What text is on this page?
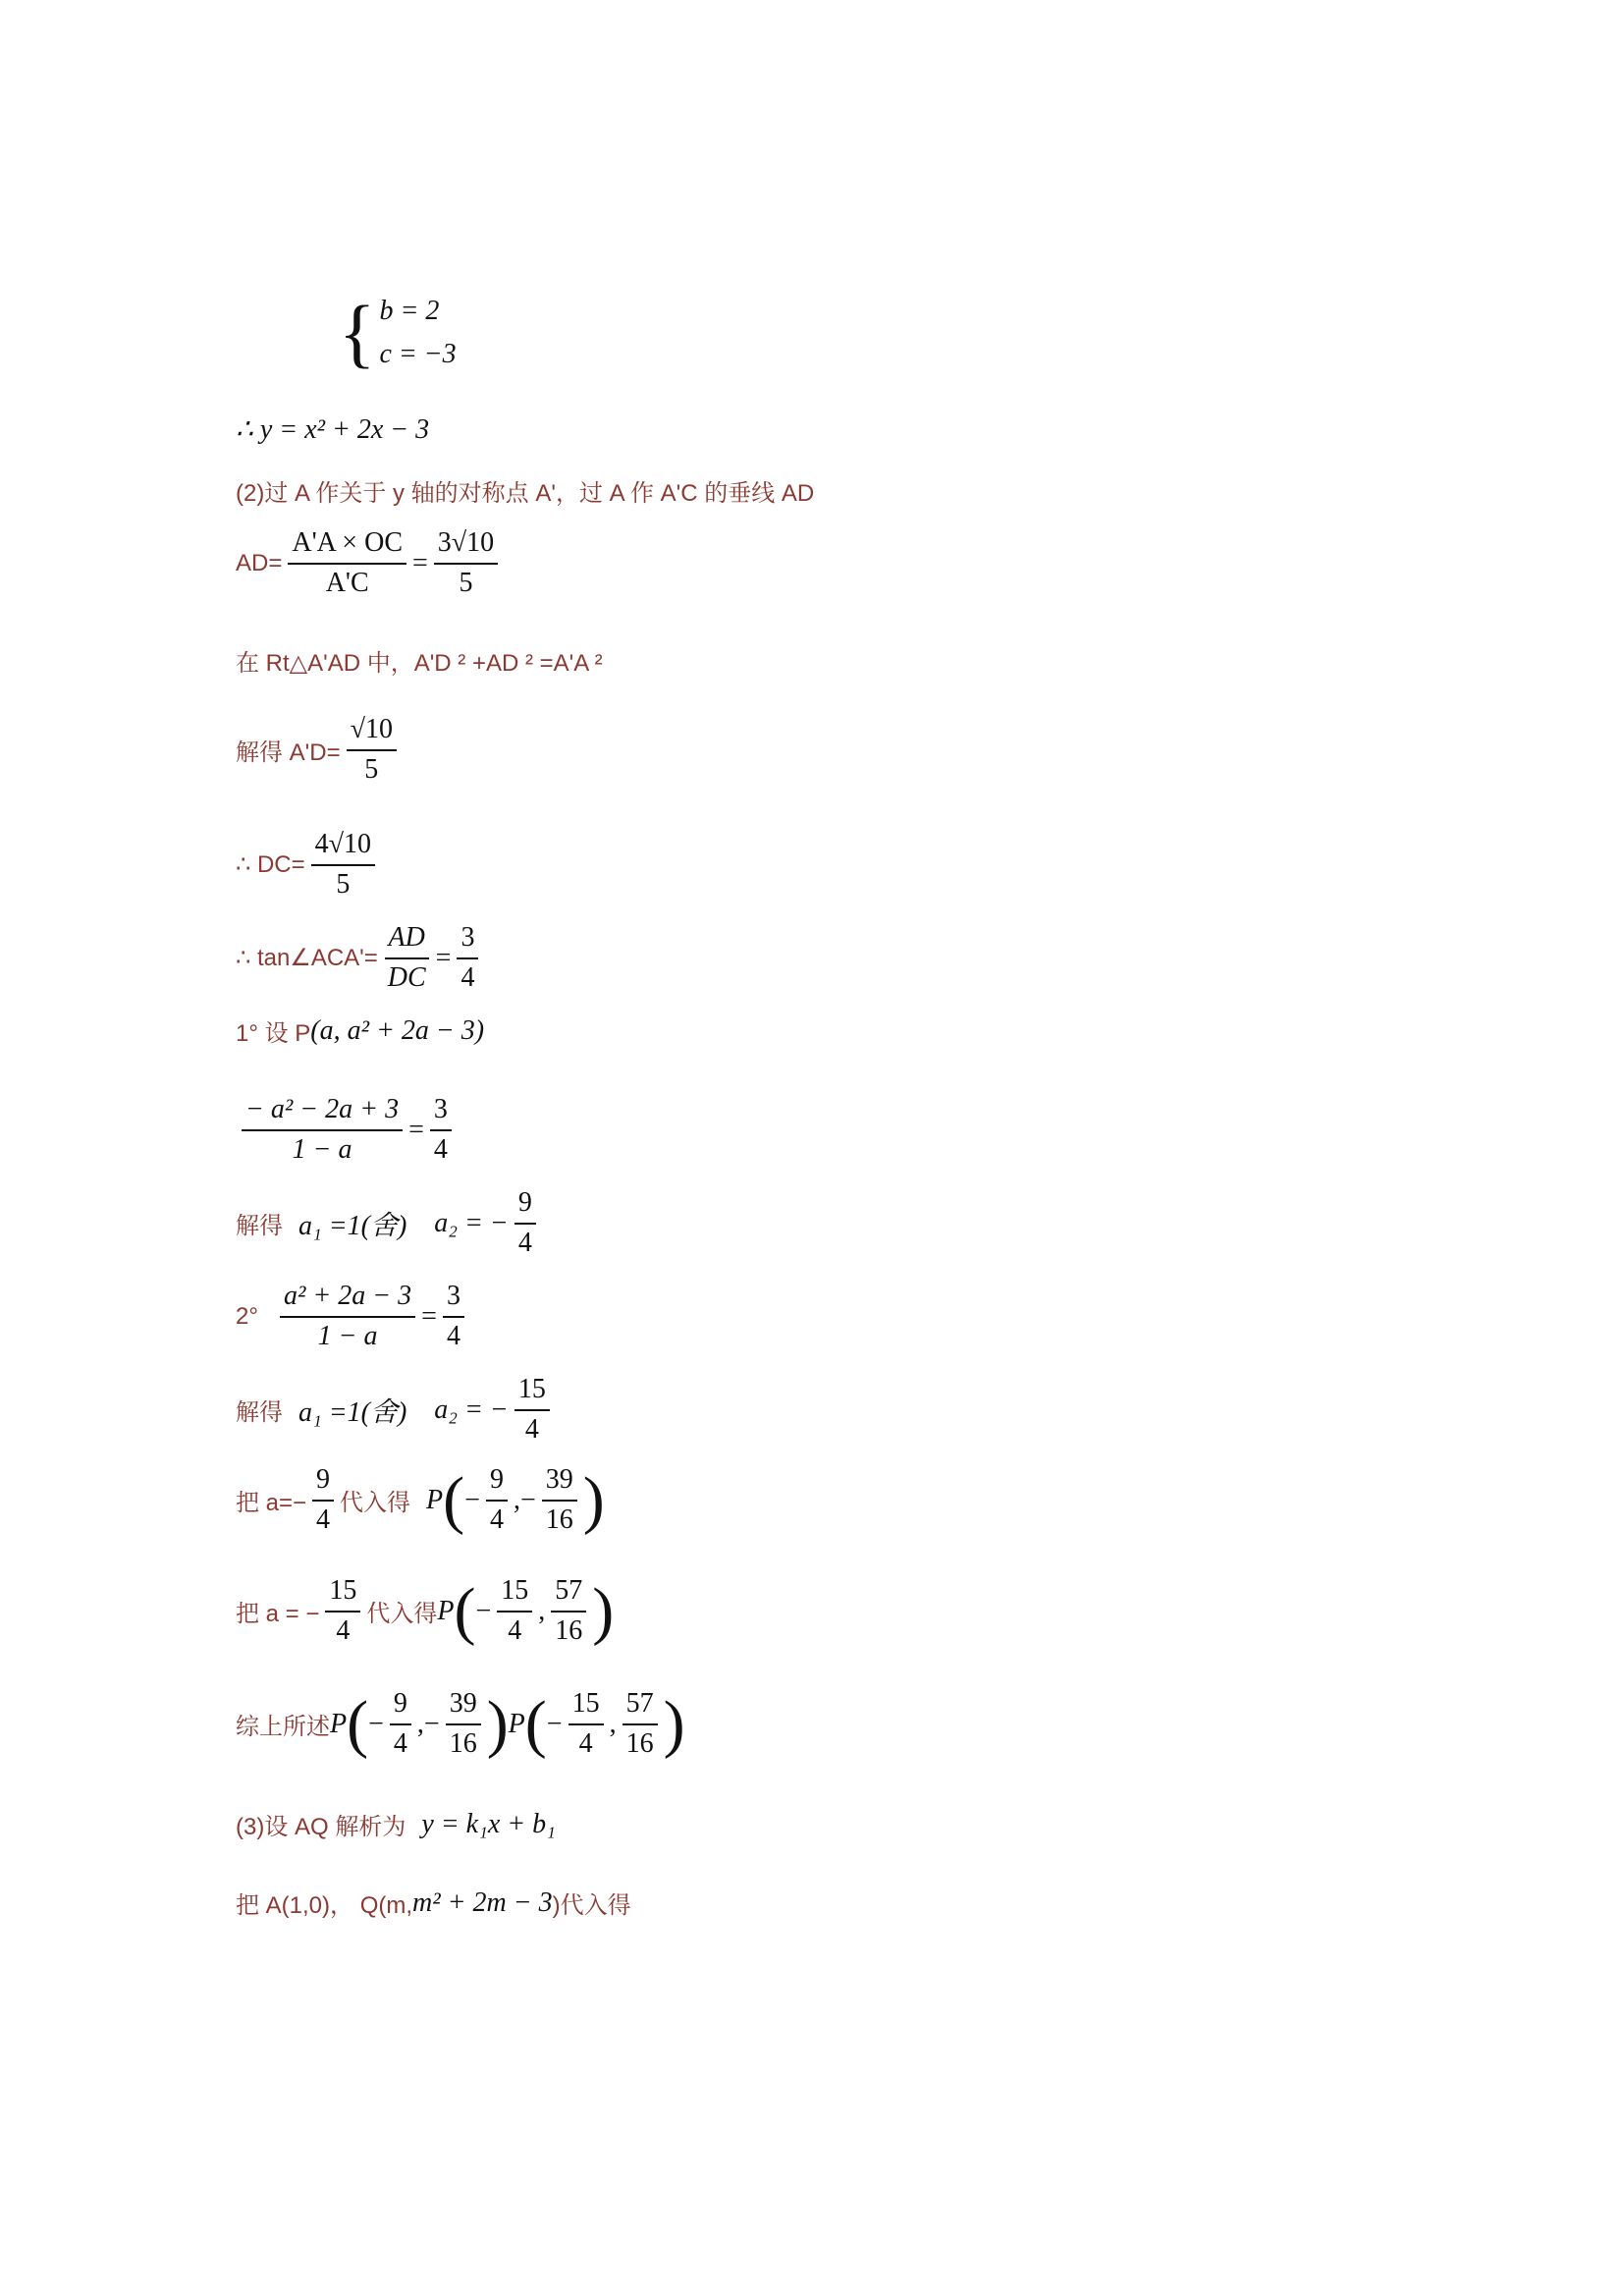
{ b = 2
c = −3
∴ y = x² + 2x − 3
(2)过 A 作关于 y 轴的对称点 A'，过 A 作 A'C 的垂线 AD
$AD= \frac{A'A \times OC}{A'C} = \frac{3√10}{5}$
在 Rt△A'AD 中，A'D ² +AD ² =A'A ²
解得 $A'D= \frac{√10}{5}$
∴ $DC= \frac{4√10}{5}$
∴ tan∠ACA'= $\frac{AD}{DC} = \frac{3}{4}$
1° 设 P (a, a² + 2a − 3)
$\frac{\text{− a² − 2a + 3}}{1 - a} = \frac{3}{4}$
解得 a₁ =1(舍) a₂ = − $\frac{9}{4}$
$2^\circ \frac{\text{a² + 2a − 3}}{1 - a} = \frac{3}{4}$
解得 a₁ =1(舍) a₂ = − $\frac{15}{4}$
把 $a=- \frac{9}{4}$ 代入得 P ( − $\frac{9}{4}$ ,− $\frac{39}{16}$ )
把 a = − $\frac{15}{4}$ 代入得 P ( − $\frac{15}{4}$ , $\frac{57}{16}$ )
综上所述 P ( − $\frac{9}{4}$ ,− $\frac{39}{16}$ ) P ( − $\frac{15}{4}$ , $\frac{57}{16}$ )
(3)设 AQ 解析为 y = k₁x + b₁
把 A(1,0)， Q(m, m² + 2m − 3 )代入得
